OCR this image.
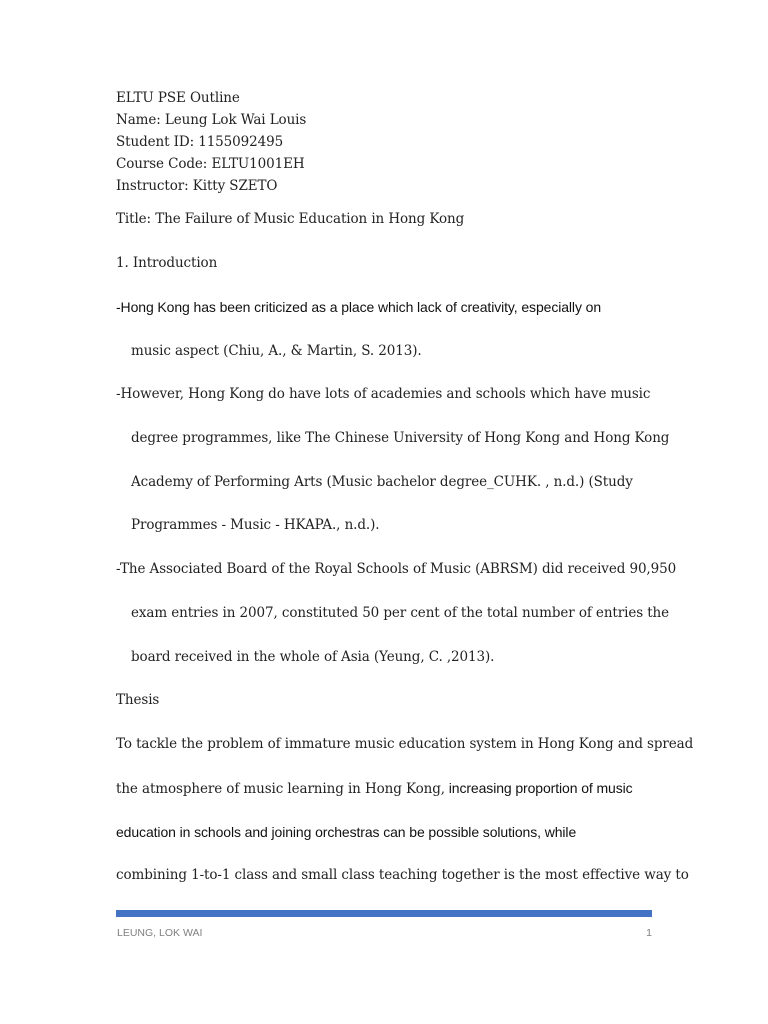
ELTU PSE Outline
Name: Leung Lok Wai Louis
Student ID: 1155092495
Course Code: ELTU1001EH
Instructor: Kitty SZETO
Title: The Failure of Music Education in Hong Kong
1. Introduction
-Hong Kong has been criticized as a place which lack of creativity, especially on
music aspect (Chiu, A., & Martin, S. 2013).
-However, Hong Kong do have lots of academies and schools which have music
degree programmes, like The Chinese University of Hong Kong and Hong Kong
Academy of Performing Arts (Music bachelor degree_CUHK. , n.d.) (Study
Programmes - Music - HKAPA., n.d.).
-The Associated Board of the Royal Schools of Music (ABRSM) did received 90,950
exam entries in 2007, constituted 50 per cent of the total number of entries the
board received in the whole of Asia (Yeung, C. ,2013).
Thesis
To tackle the problem of immature music education system in Hong Kong and spread
the atmosphere of music learning in Hong Kong, increasing proportion of music
education in schools and joining orchestras can be possible solutions, while
combining 1-to-1 class and small class teaching together is the most effective way to
LEUNG, LOK WAI	1
